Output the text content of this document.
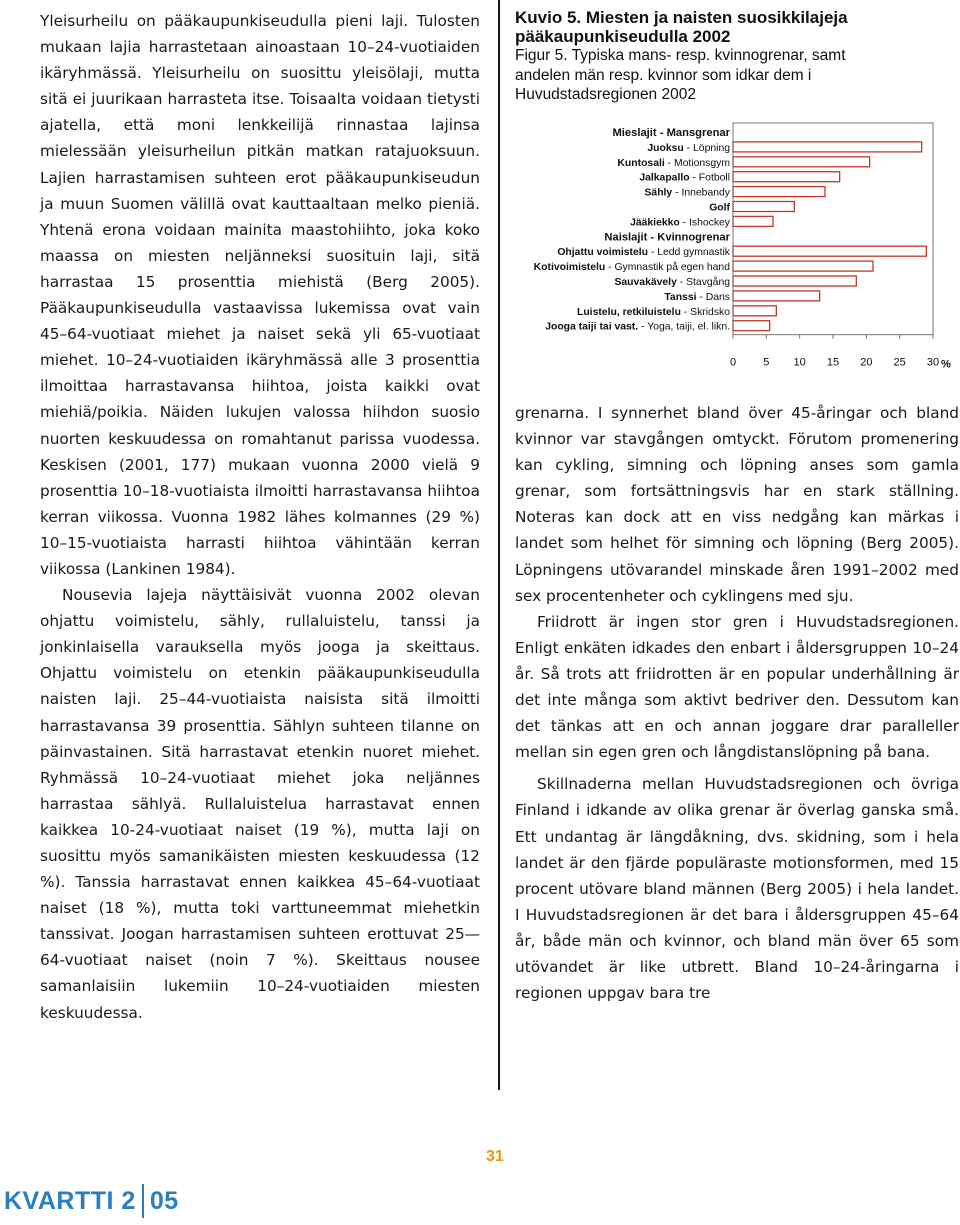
Yleisurheilu on pääkaupunkiseudulla pieni laji. Tulosten mukaan lajia harrastetaan ainoastaan 10–24-vuotiaiden ikäryhmässä. Yleisurheilu on suosittu yleisölaji, mutta sitä ei juurikaan harrasteta itse. Toisaalta voidaan tietysti ajatella, että moni lenkkeilijä rinnastaa lajinsa mielessään yleisurheilun pitkän matkan ratajuoksuun. Lajien harrastamisen suhteen erot pääkaupunkiseudun ja muun Suomen välillä ovat kauttaaltaan melko pieniä. Yhtenä erona voidaan mainita maastohiihto, joka koko maassa on miesten neljänneksi suosituin laji, sitä harrastaa 15 prosenttia miehistä (Berg 2005). Pääkaupunkiseudulla vastaavissa lukemissa ovat vain 45–64-vuotiaat miehet ja naiset sekä yli 65-vuotiaat miehet. 10–24-vuotiaiden ikäryhmässä alle 3 prosenttia ilmoittaa harrastavansa hiihtoa, joista kaikki ovat miehiä/poikia. Näiden lukujen valossa hiihdon suosio nuorten keskuudessa on romahtanut parissa vuodessa. Keskisen (2001, 177) mukaan vuonna 2000 vielä 9 prosenttia 10–18-vuotiaista ilmoitti harrastavansa hiihtoa kerran viikossa. Vuonna 1982 lähes kolmannes (29 %) 10–15-vuotiaista harrasti hiihtoa vähintään kerran viikossa (Lankinen 1984).

Nousevia lajeja näyttäisivät vuonna 2002 olevan ohjattu voimistelu, sähly, rullaluistelu, tanssi ja jonkinlaisella varauksella myös jooga ja skeittaus. Ohjattu voimistelu on etenkin pääkaupunkiseudulla naisten laji. 25–44-vuotiaista naisista sitä ilmoitti harrastavansa 39 prosenttia. Sählyn suhteen tilanne on päinvastainen. Sitä harrastavat etenkin nuoret miehet. Ryhmässä 10–24-vuotiaat miehet joka neljännes harrastaa sählyä. Rullaluistelua harrastavat ennen kaikkea 10-24-vuotiaat naiset (19 %), mutta laji on suosittu myös samanikäisten miesten keskuudessa (12 %). Tanssia harrastavat ennen kaikkea 45–64-vuotiaat naiset (18 %), mutta toki varttuneemmat miehetkin tanssivat. Joogan harrastamisen suhteen erottuvat 25—64-vuotiaat naiset (noin 7 %). Skeittaus nousee samanlaisiin lukemiin 10–24-vuotiaiden miesten keskuudessa.

Kuvio 5. Miesten ja naisten suosikkilajeja
pääkaupunkiseudulla 2002
Figur 5. Typiska mans- resp. kvinnogrenar, samt
andelen män resp. kvinnor som idkar dem i
Huvudstadsregionen 2002
Mieslajit - Mansgrenar
Juoksu - Löpning
Kuntosali - Motionsgym
Jalkapallo - Fotboll
Sähly - Innebandy
Golf
Jääkiekko - Ishockey
Naislajit - Kvinnogrenar
Ohjattu voimistelu - Ledd gymnastik
Kotivoimistelu - Gymnastik på egen hand
Sauvakävely - Stavgång
Tanssi - Dans
Luistelu, retkiluistelu - Skridsko
Jooga taiji tai vast. - Yoga, taiji, el. likn.
0 5 10 15 20 25 30 %

grenarna. I synnerhet bland över 45-åringar och bland kvinnor var stavgången omtyckt. Förutom promenering kan cykling, simning och löpning anses som gamla grenar, som fortsättningsvis har en stark ställning. Noteras kan dock att en viss nedgång kan märkas i landet som helhet för simning och löpning (Berg 2005). Löpningens utövarandel minskade åren 1991–2002 med sex procentenheter och cyklingens med sju.

Friidrott är ingen stor gren i Huvudstadsregionen. Enligt enkäten idkades den enbart i åldersgruppen 10–24 år. Så trots att friidrotten är en popular underhållning är det inte många som aktivt bedriver den. Dessutom kan det tänkas att en och annan joggare drar paralleller mellan sin egen gren och långdistanslöpning på bana.

Skillnaderna mellan Huvudstadsregionen och övriga Finland i idkande av olika grenar är överlag ganska små. Ett undantag är längdåkning, dvs. skidning, som i hela landet är den fjärde populäraste motionsformen, med 15 procent utövare bland männen (Berg 2005) i hela landet. I Huvudstadsregionen är det bara i åldersgruppen 45–64 år, både män och kvinnor, och bland män över 65 som utövandet är like utbrett. Bland 10–24-åringarna i regionen uppgav bara tre

31
KVARTTI 2 05
